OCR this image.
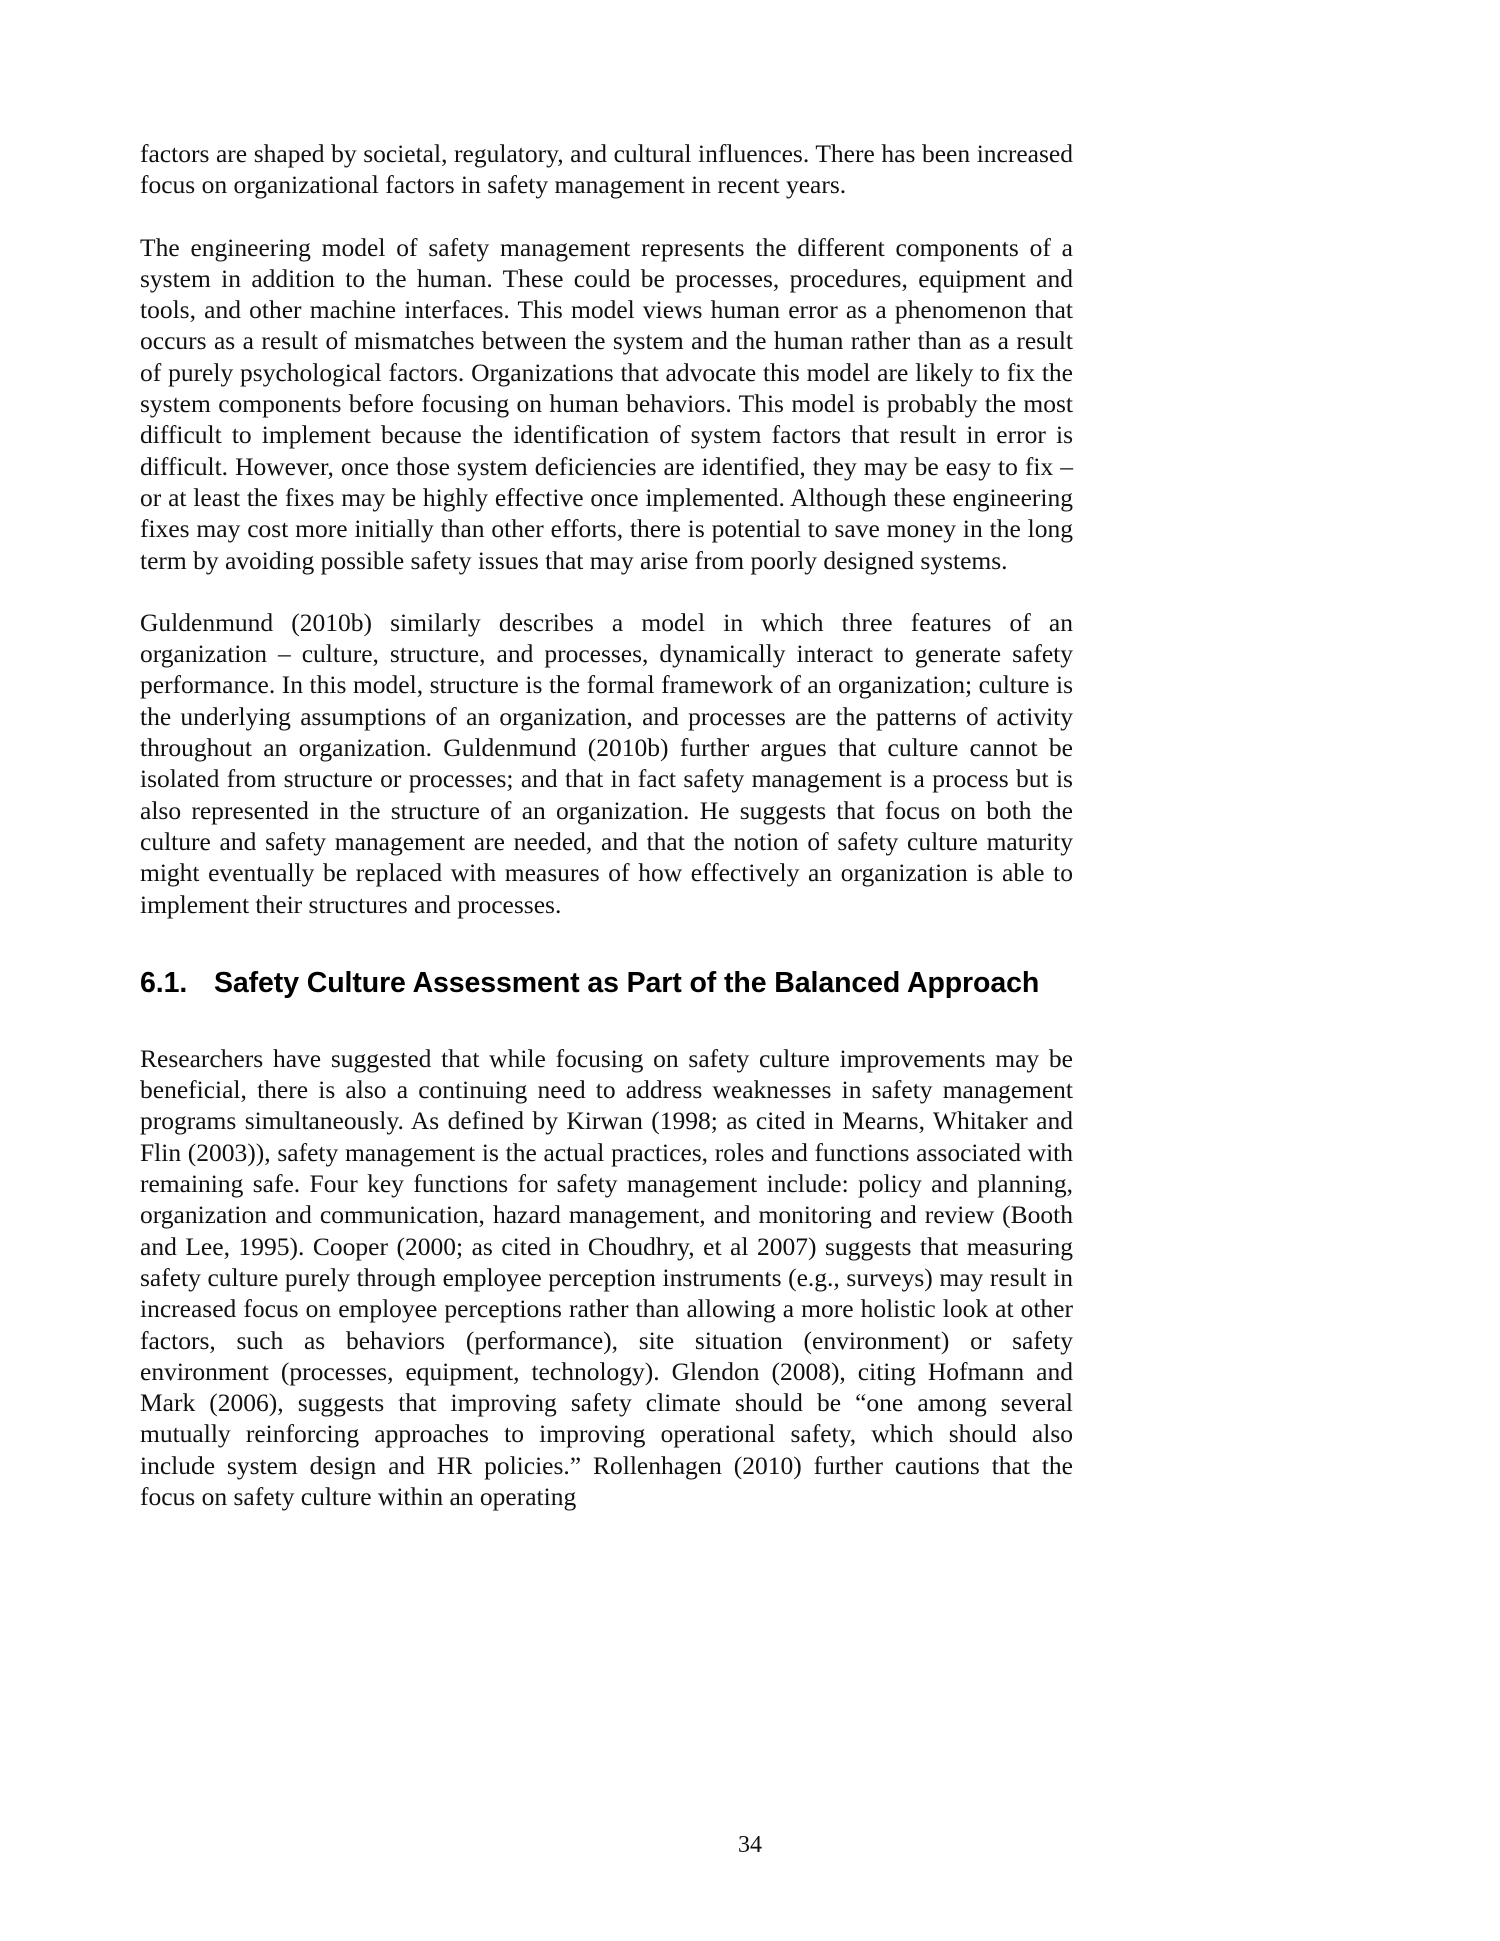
factors are shaped by societal, regulatory, and cultural influences. There has been increased focus on organizational factors in safety management in recent years.

The engineering model of safety management represents the different components of a system in addition to the human. These could be processes, procedures, equipment and tools, and other machine interfaces. This model views human error as a phenomenon that occurs as a result of mismatches between the system and the human rather than as a result of purely psychological factors. Organizations that advocate this model are likely to fix the system components before focusing on human behaviors. This model is probably the most difficult to implement because the identification of system factors that result in error is difficult. However, once those system deficiencies are identified, they may be easy to fix – or at least the fixes may be highly effective once implemented. Although these engineering fixes may cost more initially than other efforts, there is potential to save money in the long term by avoiding possible safety issues that may arise from poorly designed systems.

Guldenmund (2010b) similarly describes a model in which three features of an organization – culture, structure, and processes, dynamically interact to generate safety performance. In this model, structure is the formal framework of an organization; culture is the underlying assumptions of an organization, and processes are the patterns of activity throughout an organization. Guldenmund (2010b) further argues that culture cannot be isolated from structure or processes; and that in fact safety management is a process but is also represented in the structure of an organization. He suggests that focus on both the culture and safety management are needed, and that the notion of safety culture maturity might eventually be replaced with measures of how effectively an organization is able to implement their structures and processes.

6.1. Safety Culture Assessment as Part of the Balanced Approach

Researchers have suggested that while focusing on safety culture improvements may be beneficial, there is also a continuing need to address weaknesses in safety management programs simultaneously. As defined by Kirwan (1998; as cited in Mearns, Whitaker and Flin (2003)), safety management is the actual practices, roles and functions associated with remaining safe. Four key functions for safety management include: policy and planning, organization and communication, hazard management, and monitoring and review (Booth and Lee, 1995). Cooper (2000; as cited in Choudhry, et al 2007) suggests that measuring safety culture purely through employee perception instruments (e.g., surveys) may result in increased focus on employee perceptions rather than allowing a more holistic look at other factors, such as behaviors (performance), site situation (environment) or safety environment (processes, equipment, technology). Glendon (2008), citing Hofmann and Mark (2006), suggests that improving safety climate should be “one among several mutually reinforcing approaches to improving operational safety, which should also include system design and HR policies.” Rollenhagen (2010) further cautions that the focus on safety culture within an operating

34
